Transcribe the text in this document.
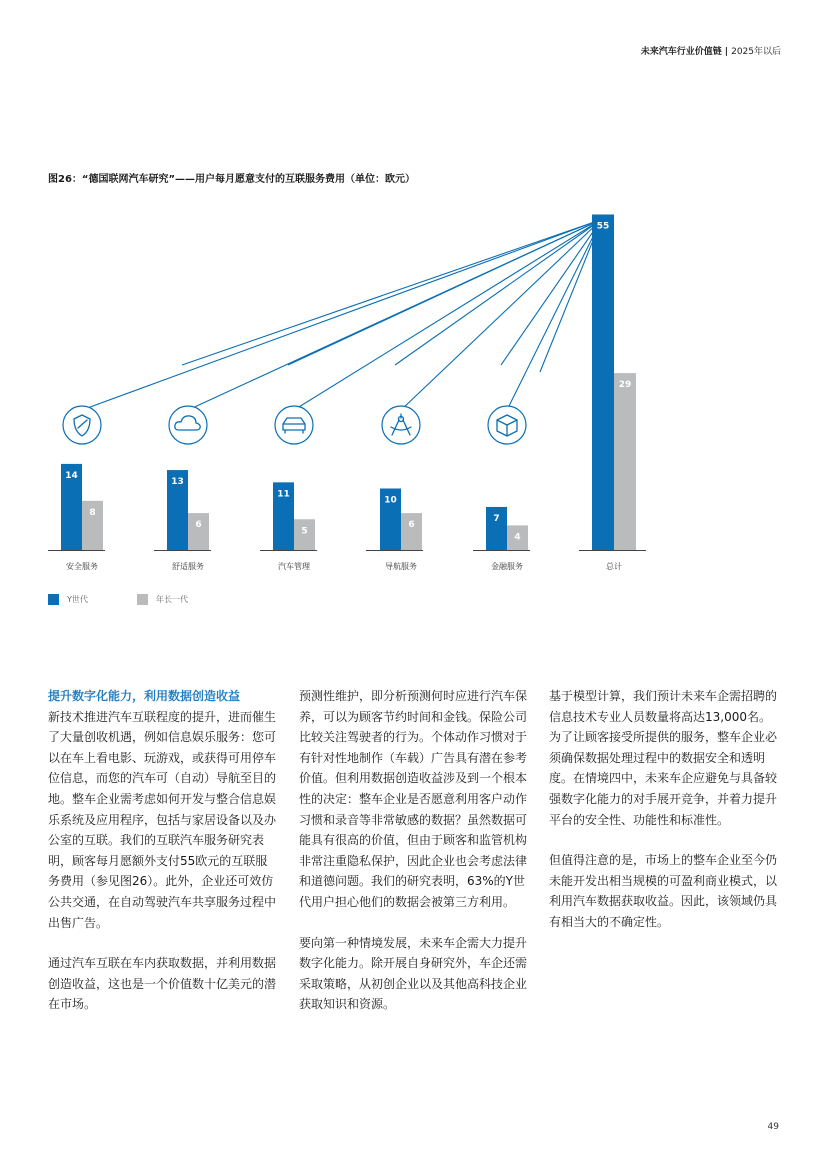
未来汽车行业价值链 | 2025年以后
图26：“德国联网汽车研究”——用户每月愿意支付的互联服务费用（单位：欧元）
14
8
安全服务
13
6
舒适服务
11
5
汽车管理
10
6
导航服务
7
4
金融服务
55
29
总计
Y世代	年长一代
提升数字化能力，利用数据创造收益

新技术推进汽车互联程度的提升，进而催生了大量创收机遇，例如信息娱乐服务：您可以在车上看电影、玩游戏，或获得可用停车位信息，而您的汽车可（自动）导航至目的地。整车企业需考虑如何开发与整合信息娱乐系统及应用程序，包括与家居设备以及办公室的互联。我们的互联汽车服务研究表明，顾客每月愿额外支付55欧元的互联服务费用（参见图26）。此外，企业还可效仿公共交通，在自动驾驶汽车共享服务过程中出售广告。

通过汽车互联在车内获取数据，并利用数据创造收益，这也是一个价值数十亿美元的潜在市场。

预测性维护，即分析预测何时应进行汽车保养，可以为顾客节约时间和金钱。保险公司比较关注驾驶者的行为。个体动作习惯对于有针对性地制作（车载）广告具有潜在参考价值。但利用数据创造收益涉及到一个根本性的决定：整车企业是否愿意利用客户动作习惯和录音等非常敏感的数据？虽然数据可能具有很高的价值，但由于顾客和监管机构非常注重隐私保护，因此企业也会考虑法律和道德问题。我们的研究表明，63%的Y世代用户担心他们的数据会被第三方利用。

要向第一种情境发展，未来车企需大力提升数字化能力。除开展自身研究外，车企还需采取策略，从初创企业以及其他高科技企业获取知识和资源。

基于模型计算，我们预计未来车企需招聘的信息技术专业人员数量将高达13,000名。为了让顾客接受所提供的服务，整车企业必须确保数据处理过程中的数据安全和透明度。在情境四中，未来车企应避免与具备较强数字化能力的对手展开竞争，并着力提升平台的安全性、功能性和标准性。

但值得注意的是，市场上的整车企业至今仍未能开发出相当规模的可盈利商业模式，以利用汽车数据获取收益。因此，该领域仍具有相当大的不确定性。

49
